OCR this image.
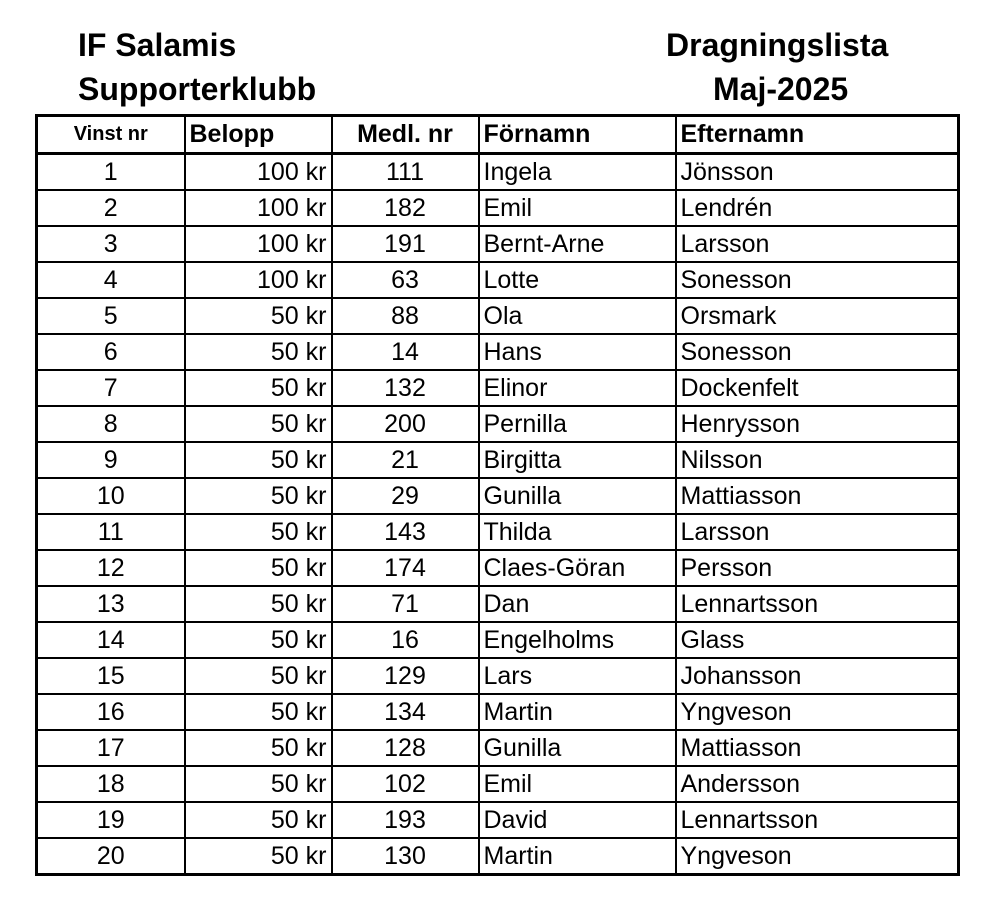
IF Salamis
Supporterklubb
Dragningslista
Maj-2025
Vinst nr	Belopp	Medl. nr	Förnamn	Efternamn
1	100 kr	111	Ingela	Jönsson
2	100 kr	182	Emil	Lendrén
3	100 kr	191	Bernt-Arne	Larsson
4	100 kr	63	Lotte	Sonesson
5	50 kr	88	Ola	Orsmark
6	50 kr	14	Hans	Sonesson
7	50 kr	132	Elinor	Dockenfelt
8	50 kr	200	Pernilla	Henrysson
9	50 kr	21	Birgitta	Nilsson
10	50 kr	29	Gunilla	Mattiasson
11	50 kr	143	Thilda	Larsson
12	50 kr	174	Claes-Göran	Persson
13	50 kr	71	Dan	Lennartsson
14	50 kr	16	Engelholms	Glass
15	50 kr	129	Lars	Johansson
16	50 kr	134	Martin	Yngveson
17	50 kr	128	Gunilla	Mattiasson
18	50 kr	102	Emil	Andersson
19	50 kr	193	David	Lennartsson
20	50 kr	130	Martin	Yngveson
